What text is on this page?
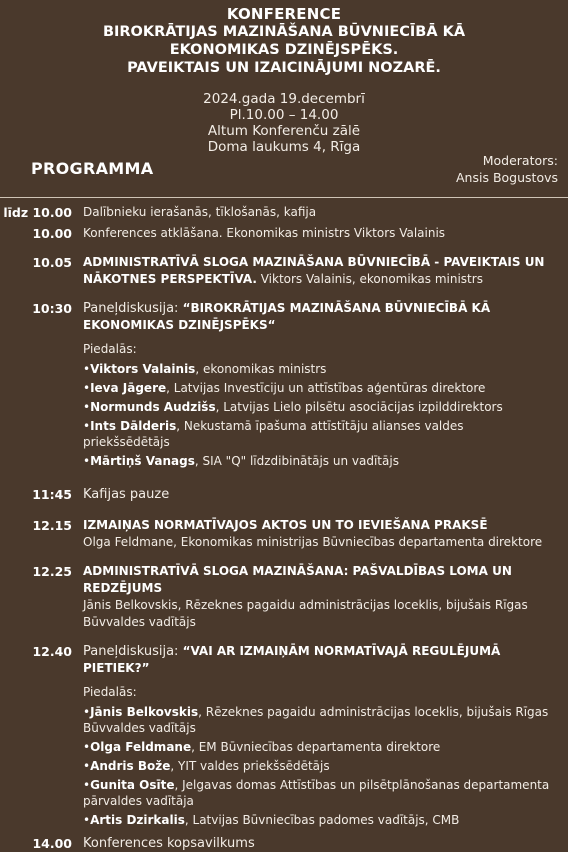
KONFERENCE
BIROKRĀTIJAS MAZINĀŠANA BŪVNIECĪBĀ KĀ
EKONOMIKAS DZINĒJSPĒKS.
PAVEIKTAIS UN IZAICINĀJUMI NOZARĒ.
2024.gada 19.decembrī
Pl.10.00 – 14.00
Altum Konferenču zālē
Doma laukums 4, Rīga
PROGRAMMA	Moderators:
Ansis Bogustovs
līdz 10.00 Dalībnieku ierašanās, tīklošanās, kafija
10.00 Konferences atklāšana. Ekonomikas ministrs Viktors Valainis
10.05 ADMINISTRATĪVĀ SLOGA MAZINĀŠANA BŪVNIECĪBĀ - PAVEIKTAIS UN NĀKOTNES PERSPEKTĪVA. Viktors Valainis, ekonomikas ministrs
10:30 Paneļdiskusija: “BIROKRĀTIJAS MAZINĀŠANA BŪVNIECĪBĀ KĀ EKONOMIKAS DZINĒJSPĒKS“
Piedalās:
•Viktors Valainis, ekonomikas ministrs
•Ieva Jāgere, Latvijas Investīciju un attīstības aģentūras direktore
•Normunds Audzišs, Latvijas Lielo pilsētu asociācijas izpilddirektors
•Ints Dālderis, Nekustamā īpašuma attīstītāju alianses valdes priekšsēdētājs
•Mārtiņš Vanags, SIA "Q" līdzdibinātājs un vadītājs
11:45 Kafijas pauze
12.15 IZMAIŅAS NORMATĪVAJOS AKTOS UN TO IEVIEŠANA PRAKSĒ
Olga Feldmane, Ekonomikas ministrijas Būvniecības departamenta direktore
12.25 ADMINISTRATĪVĀ SLOGA MAZINĀŠANA: PAŠVALDĪBAS LOMA UN REDZĒJUMS
Jānis Belkovskis, Rēzeknes pagaidu administrācijas loceklis, bijušais Rīgas Būvvaldes vadītājs
12.40 Paneļdiskusija: “VAI AR IZMAIŅĀM NORMATĪVAJĀ REGULĒJUMĀ PIETIEK?”
Piedalās:
•Jānis Belkovskis, Rēzeknes pagaidu administrācijas loceklis, bijušais Rīgas Būvvaldes vadītājs
•Olga Feldmane, EM Būvniecības departamenta direktore
•Andris Bože, YIT valdes priekšsēdētājs
•Gunita Osīte, Jelgavas domas Attīstības un pilsētplānošanas departamenta pārvaldes vadītāja
•Artis Dzirkalis, Latvijas Būvniecības padomes vadītājs, CMB
14.00 Konferences kopsavilkums
